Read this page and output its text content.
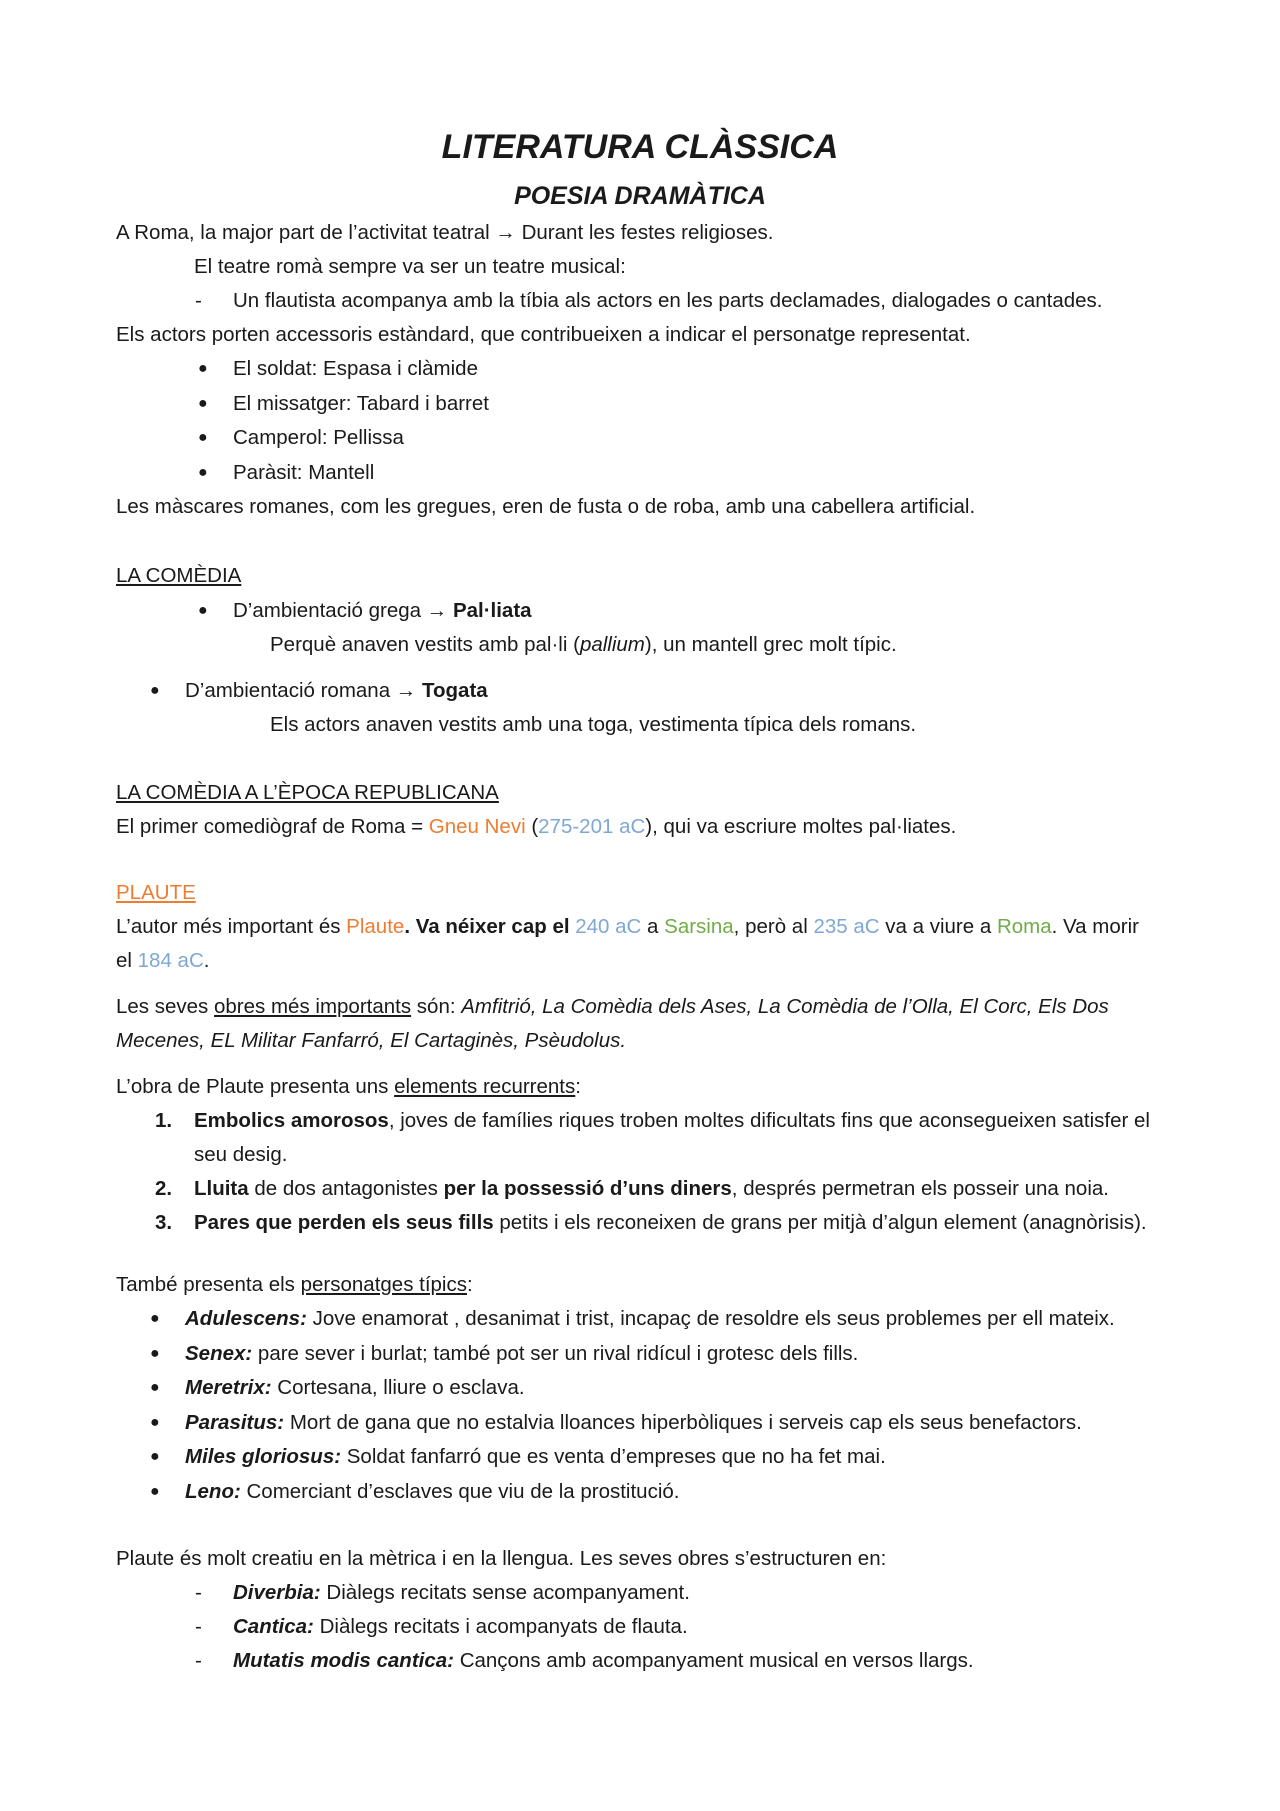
LITERATURA CLÀSSICA
POESIA DRAMÀTICA
A Roma, la major part de l’activitat teatral → Durant les festes religioses.
El teatre romà sempre va ser un teatre musical:
- Un flautista acompanya amb la tíbia als actors en les parts declamades, dialogades o cantades.
Els actors porten accessoris estàndard, que contribueixen a indicar el personatge representat.
● El soldat: Espasa i clàmide
● El missatger: Tabard i barret
● Camperol: Pellissa
● Paràsit: Mantell
Les màscares romanes, com les gregues, eren de fusta o de roba, amb una cabellera artificial.
LA COMÈDIA
● D’ambientació grega → Pal·liata
Perquè anaven vestits amb pal·li (pallium), un mantell grec molt típic.
● D’ambientació romana → Togata
Els actors anaven vestits amb una toga, vestimenta típica dels romans.
LA COMÈDIA A L’ÈPOCA REPUBLICANA
El primer comediògraf de Roma = Gneu Nevi (275-201 aC), qui va escriure moltes pal·liates.
PLAUTE
L’autor més important és Plaute. Va néixer cap el 240 aC a Sarsina, però al 235 aC va a viure a Roma. Va morir
el 184 aC.
Les seves obres més importants són: Amfitrió, La Comèdia dels Ases, La Comèdia de l’Olla, El Corc, Els Dos
Mecenes, EL Militar Fanfarró, El Cartaginès, Psèudolus.
L’obra de Plaute presenta uns elements recurrents:
1. Embolics amorosos, joves de famílies riques troben moltes dificultats fins que aconsegueixen satisfer el
seu desig.
2. Lluita de dos antagonistes per la possessió d’uns diners, després permetran els posseir una noia.
3. Pares que perden els seus fills petits i els reconeixen de grans per mitjà d’algun element (anagnòrisis).
També presenta els personatges típics:
● Adulescens: Jove enamorat , desanimat i trist, incapaç de resoldre els seus problemes per ell mateix.
● Senex: pare sever i burlat; també pot ser un rival ridícul i grotesc dels fills.
● Meretrix: Cortesana, lliure o esclava.
● Parasitus: Mort de gana que no estalvia lloances hiperbòliques i serveis cap els seus benefactors.
● Miles gloriosus: Soldat fanfarró que es venta d’empreses que no ha fet mai.
● Leno: Comerciant d’esclaves que viu de la prostitució.
Plaute és molt creatiu en la mètrica i en la llengua. Les seves obres s’estructuren en:
- Diverbia: Diàlegs recitats sense acompanyament.
- Cantica: Diàlegs recitats i acompanyats de flauta.
- Mutatis modis cantica: Cançons amb acompanyament musical en versos llargs.
